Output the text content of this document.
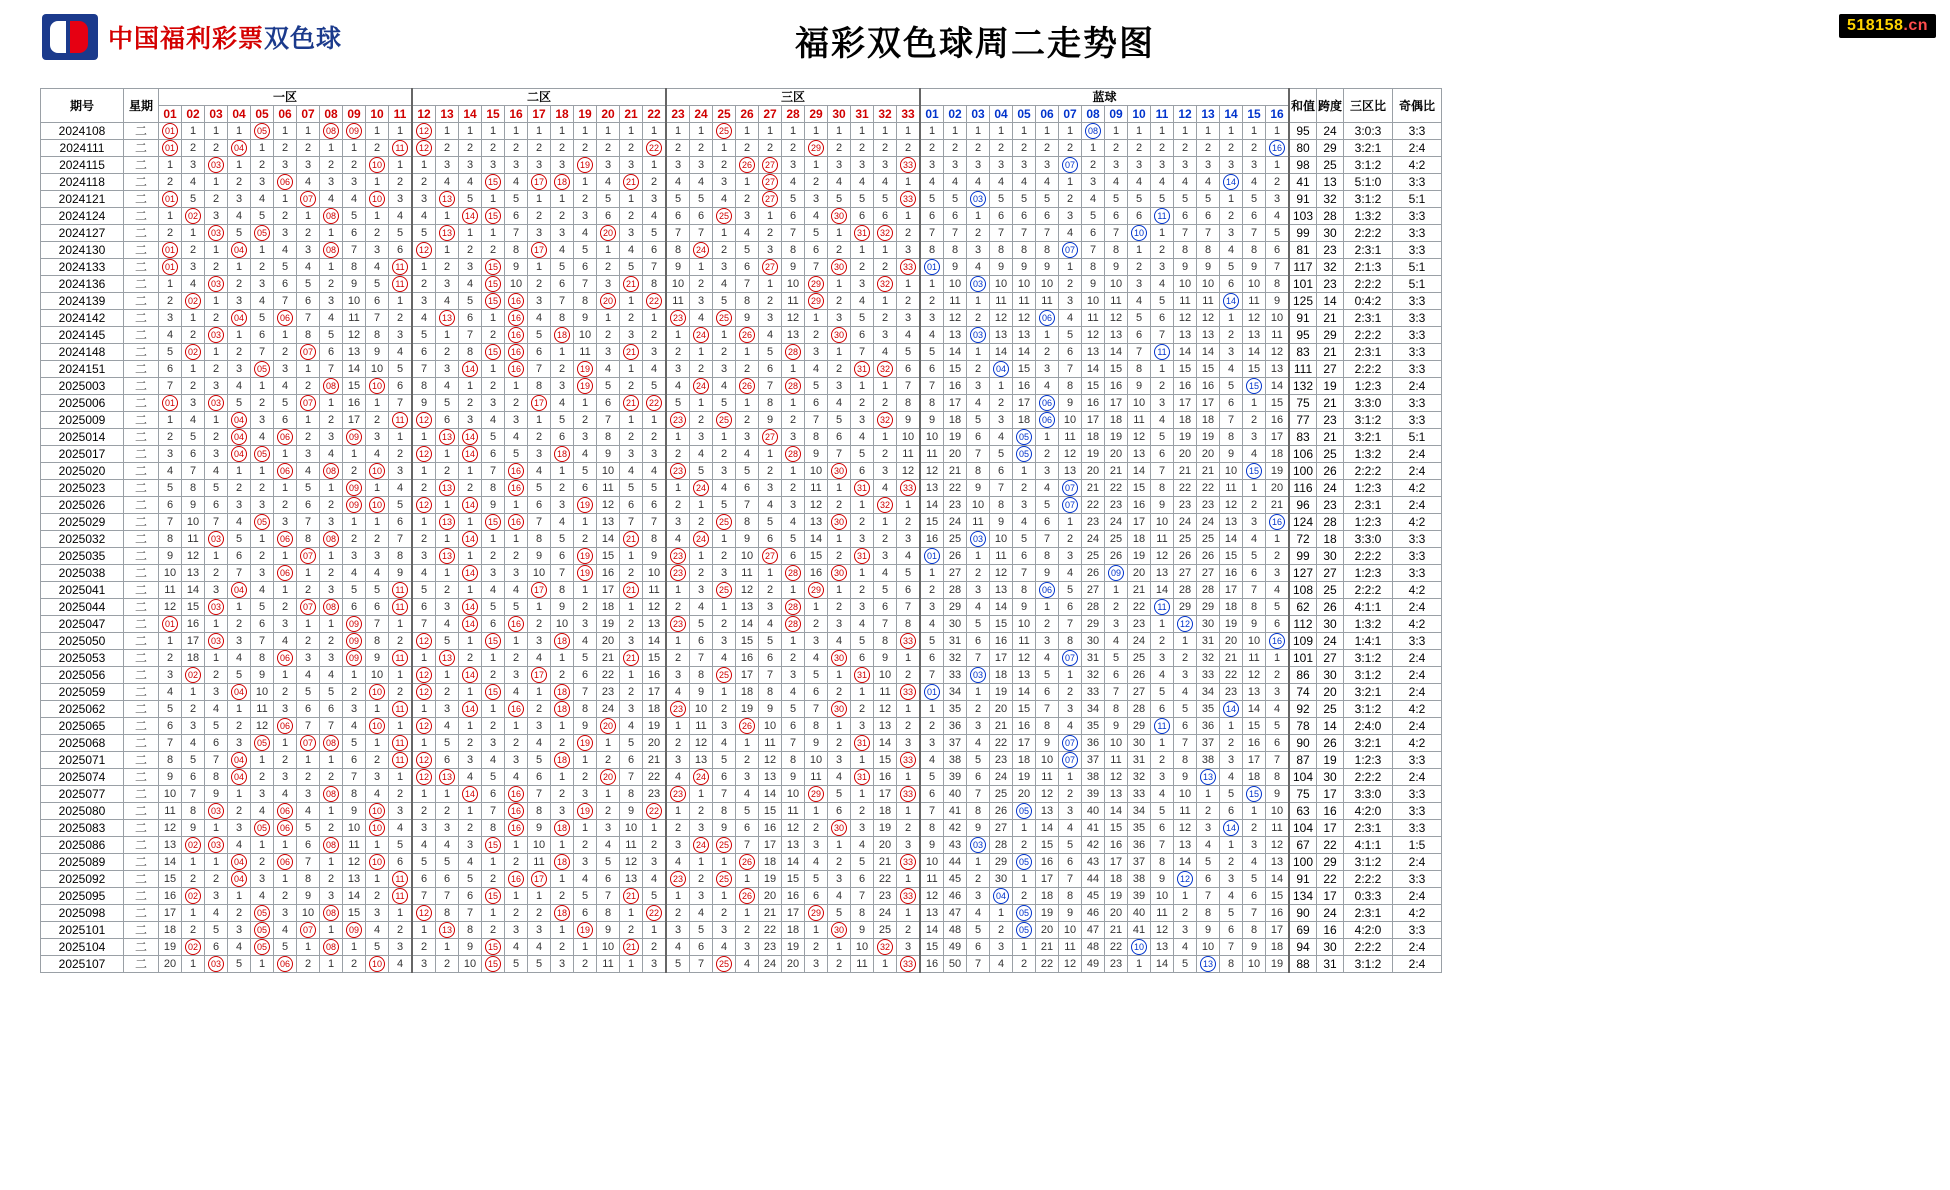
中国福利彩票双色球	福彩双色球周二走势图
518158.cn
期号	星期	一区											二区											三区											蓝球																和值	跨度	三区比	奇偶比
		01	02	03	04	05	06	07	08	09	10	11	12	13	14	15	16	17	18	19	20	21	22	23	24	25	26	27	28	29	30	31	32	33	01	02	03	04	05	06	07	08	09	10	11	12	13	14	15	16				
2024108	二	01	1	1	1	05	1	1	08	09	1	1	12	1	1	1	1	1	1	1	1	1	1	1	1	25	1	1	1	1	1	1	1	1	1	1	1	1	1	1	1	08	1	1	1	1	1	1	1	1	95	24	3:0:3	3:3
2024111	二	01	2	2	04	1	2	2	1	1	2	11	12	2	2	2	2	2	2	2	2	2	22	2	2	1	2	2	2	29	2	2	2	2	2	2	2	2	2	2	2	1	2	2	2	2	2	2	2	16	80	29	3:2:1	2:4
2024115	二	1	3	03	1	2	3	3	2	2	10	1	1	3	3	3	3	3	3	19	3	3	1	3	3	2	26	27	3	1	3	3	3	33	3	3	3	3	3	3	07	2	3	3	3	3	3	3	3	1	98	25	3:1:2	4:2
2024118	二	2	4	1	2	3	06	4	3	3	1	2	2	4	4	15	4	17	18	1	4	21	2	4	4	3	1	27	4	2	4	4	4	1	4	4	4	4	4	4	1	3	4	4	4	4	4	14	4	2	41	13	5:1:0	3:3
2024121	二	01	5	2	3	4	1	07	4	4	10	3	3	13	5	1	5	1	1	2	5	1	3	5	5	4	2	27	5	3	5	5	5	33	5	5	03	5	5	5	2	4	5	5	5	5	5	1	5	3	91	32	3:1:2	5:1
2024124	二	1	02	3	4	5	2	1	08	5	1	4	4	1	14	15	6	2	2	3	6	2	4	6	6	25	3	1	6	4	30	6	6	1	6	6	1	6	6	6	3	5	6	6	11	6	6	2	6	4	103	28	1:3:2	3:3
2024127	二	2	1	03	5	05	3	2	1	6	2	5	5	13	1	1	7	3	3	4	20	3	5	7	7	1	4	2	7	5	1	31	32	2	7	7	2	7	7	7	4	6	7	10	1	7	7	3	7	5	99	30	2:2:2	3:3
2024130	二	01	2	1	04	1	4	3	08	7	3	6	12	1	2	2	8	17	4	5	1	4	6	8	24	2	5	3	8	6	2	1	1	3	8	8	3	8	8	8	07	7	8	1	2	8	8	4	8	6	81	23	2:3:1	3:3
2024133	二	01	3	2	1	2	5	4	1	8	4	11	1	2	3	15	9	1	5	6	2	5	7	9	1	3	6	27	9	7	30	2	2	33	01	9	4	9	9	9	1	8	9	2	3	9	9	5	9	7	117	32	2:1:3	5:1
2024136	二	1	4	03	2	3	6	5	2	9	5	11	2	3	4	15	10	2	6	7	3	21	8	10	2	4	7	1	10	29	1	3	32	1	1	10	03	10	10	10	2	9	10	3	4	10	10	6	10	8	101	23	2:2:2	5:1
2024139	二	2	02	1	3	4	7	6	3	10	6	1	3	4	5	15	16	3	7	8	20	1	22	11	3	5	8	2	11	29	2	4	1	2	2	11	1	11	11	11	3	10	11	4	5	11	11	14	11	9	125	14	0:4:2	3:3
2024142	二	3	1	2	04	5	06	7	4	11	7	2	4	13	6	1	16	4	8	9	1	2	1	23	4	25	9	3	12	1	3	5	2	3	3	12	2	12	12	06	4	11	12	5	6	12	12	1	12	10	91	21	2:3:1	3:3
2024145	二	4	2	03	1	6	1	8	5	12	8	3	5	1	7	2	16	5	18	10	2	3	2	1	24	1	26	4	13	2	30	6	3	4	4	13	03	13	13	1	5	12	13	6	7	13	13	2	13	11	95	29	2:2:2	3:3
2024148	二	5	02	1	2	7	2	07	6	13	9	4	6	2	8	15	16	6	1	11	3	21	3	2	1	2	1	5	28	3	1	7	4	5	5	14	1	14	14	2	6	13	14	7	11	14	14	3	14	12	83	21	2:3:1	3:3
2024151	二	6	1	2	3	05	3	1	7	14	10	5	7	3	14	1	16	7	2	19	4	1	4	3	2	3	2	6	1	4	2	31	32	6	6	15	2	04	15	3	7	14	15	8	1	15	15	4	15	13	111	27	2:2:2	3:3
2025003	二	7	2	3	4	1	4	2	08	15	10	6	8	4	1	2	1	8	3	19	5	2	5	4	24	4	26	7	28	5	3	1	1	7	7	16	3	1	16	4	8	15	16	9	2	16	16	5	15	14	132	19	1:2:3	2:4
2025006	二	01	3	03	5	2	5	07	1	16	1	7	9	5	2	3	2	17	4	1	6	21	22	5	1	5	1	8	1	6	4	2	2	8	8	17	4	2	17	06	9	16	17	10	3	17	17	6	1	15	75	21	3:3:0	3:3
2025009	二	1	4	1	04	3	6	1	2	17	2	11	12	6	3	4	3	1	5	2	7	1	1	23	2	25	2	9	2	7	5	3	32	9	9	18	5	3	18	06	10	17	18	11	4	18	18	7	2	16	77	23	3:1:2	3:3
2025014	二	2	5	2	04	4	06	2	3	09	3	1	1	13	14	5	4	2	6	3	8	2	2	1	3	1	3	27	3	8	6	4	1	10	10	19	6	4	05	1	11	18	19	12	5	19	19	8	3	17	83	21	3:2:1	5:1
2025017	二	3	6	3	04	05	1	3	4	1	4	2	12	1	14	6	5	3	18	4	9	3	3	2	4	2	4	1	28	9	7	5	2	11	11	20	7	5	05	2	12	19	20	13	6	20	20	9	4	18	106	25	1:3:2	2:4
2025020	二	4	7	4	1	1	06	4	08	2	10	3	1	2	1	7	16	4	1	5	10	4	4	23	5	3	5	2	1	10	30	6	3	12	12	21	8	6	1	3	13	20	21	14	7	21	21	10	15	19	100	26	2:2:2	2:4
2025023	二	5	8	5	2	2	1	5	1	09	1	4	2	13	2	8	16	5	2	6	11	5	5	1	24	4	6	3	2	11	1	31	4	33	13	22	9	7	2	4	07	21	22	15	8	22	22	11	1	20	116	24	1:2:3	4:2
2025026	二	6	9	6	3	3	2	6	2	09	10	5	12	1	14	9	1	6	3	19	12	6	6	2	1	5	7	4	3	12	2	1	32	1	14	23	10	8	3	5	07	22	23	16	9	23	23	12	2	21	96	23	2:3:1	2:4
2025029	二	7	10	7	4	05	3	7	3	1	1	6	1	13	1	15	16	7	4	1	13	7	7	3	2	25	8	5	4	13	30	2	1	2	15	24	11	9	4	6	1	23	24	17	10	24	24	13	3	16	124	28	1:2:3	4:2
2025032	二	8	11	03	5	1	06	8	08	2	2	7	2	1	14	1	1	8	5	2	14	21	8	4	24	1	9	6	5	14	1	3	2	3	16	25	03	10	5	7	2	24	25	18	11	25	25	14	4	1	72	18	3:3:0	3:3
2025035	二	9	12	1	6	2	1	07	1	3	3	8	3	13	1	2	2	9	6	19	15	1	9	23	1	2	10	27	6	15	2	31	3	4	01	26	1	11	6	8	3	25	26	19	12	26	26	15	5	2	99	30	2:2:2	3:3
2025038	二	10	13	2	7	3	06	1	2	4	4	9	4	1	14	3	3	10	7	19	16	2	10	23	2	3	11	1	28	16	30	1	4	5	1	27	2	12	7	9	4	26	09	20	13	27	27	16	6	3	127	27	1:2:3	3:3
2025041	二	11	14	3	04	4	1	2	3	5	5	11	5	2	1	4	4	17	8	1	17	21	11	1	3	25	12	2	1	29	1	2	5	6	2	28	3	13	8	06	5	27	1	21	14	28	28	17	7	4	108	25	2:2:2	4:2
2025044	二	12	15	03	1	5	2	07	08	6	6	11	6	3	14	5	5	1	9	2	18	1	12	2	4	1	13	3	28	1	2	3	6	7	3	29	4	14	9	1	6	28	2	22	11	29	29	18	8	5	62	26	4:1:1	2:4
2025047	二	01	16	1	2	6	3	1	1	09	7	1	7	4	14	6	16	2	10	3	19	2	13	23	5	2	14	4	28	2	3	4	7	8	4	30	5	15	10	2	7	29	3	23	1	12	30	19	9	6	112	30	1:3:2	4:2
2025050	二	1	17	03	3	7	4	2	2	09	8	2	12	5	1	15	1	3	18	4	20	3	14	1	6	3	15	5	1	3	4	5	8	33	5	31	6	16	11	3	8	30	4	24	2	1	31	20	10	16	109	24	1:4:1	3:3
2025053	二	2	18	1	4	8	06	3	3	09	9	11	1	13	2	1	2	4	1	5	21	21	15	2	7	4	16	6	2	4	30	6	9	1	6	32	7	17	12	4	07	31	5	25	3	2	32	21	11	1	101	27	3:1:2	2:4
2025056	二	3	02	2	5	9	1	4	4	1	10	1	12	1	14	2	3	17	2	6	22	1	16	3	8	25	17	7	3	5	1	31	10	2	7	33	03	18	13	5	1	32	6	26	4	3	33	22	12	2	86	30	3:1:2	2:4
2025059	二	4	1	3	04	10	2	5	5	2	10	2	12	2	1	15	4	1	18	7	23	2	17	4	9	1	18	8	4	6	2	1	11	33	01	34	1	19	14	6	2	33	7	27	5	4	34	23	13	3	74	20	3:2:1	2:4
2025062	二	5	2	4	1	11	3	6	6	3	1	11	1	3	14	1	16	2	18	8	24	3	18	23	10	2	19	9	5	7	30	2	12	1	1	35	2	20	15	7	3	34	8	28	6	5	35	14	14	4	92	25	3:1:2	4:2
2025065	二	6	3	5	2	12	06	7	7	4	10	1	12	4	1	2	1	3	1	9	20	4	19	1	11	3	26	10	6	8	1	3	13	2	2	36	3	21	16	8	4	35	9	29	11	6	36	1	15	5	78	14	2:4:0	2:4
2025068	二	7	4	6	3	05	1	07	08	5	1	11	1	5	2	3	2	4	2	19	1	5	20	2	12	4	1	11	7	9	2	31	14	3	3	37	4	22	17	9	07	36	10	30	1	7	37	2	16	6	90	26	3:2:1	4:2
2025071	二	8	5	7	04	1	2	1	1	6	2	11	12	6	3	4	3	5	18	1	2	6	21	3	13	5	2	12	8	10	3	1	15	33	4	38	5	23	18	10	07	37	11	31	2	8	38	3	17	7	87	19	1:2:3	3:3
2025074	二	9	6	8	04	2	3	2	2	7	3	1	12	13	4	5	4	6	1	2	20	7	22	4	24	6	3	13	9	11	4	31	16	1	5	39	6	24	19	11	1	38	12	32	3	9	13	4	18	8	104	30	2:2:2	2:4
2025077	二	10	7	9	1	3	4	3	08	8	4	2	1	1	14	6	16	7	2	3	1	8	23	23	1	7	4	14	10	29	5	1	17	33	6	40	7	25	20	12	2	39	13	33	4	10	1	5	15	9	75	17	3:3:0	3:3
2025080	二	11	8	03	2	4	06	4	1	9	10	3	2	2	1	7	16	8	3	19	2	9	22	1	2	8	5	15	11	1	6	2	18	1	7	41	8	26	05	13	3	40	14	34	5	11	2	6	1	10	63	16	4:2:0	3:3
2025083	二	12	9	1	3	05	06	5	2	10	10	4	3	3	2	8	16	9	18	1	3	10	1	2	3	9	6	16	12	2	30	3	19	2	8	42	9	27	1	14	4	41	15	35	6	12	3	14	2	11	104	17	2:3:1	3:3
2025086	二	13	02	03	4	1	1	6	08	11	1	5	4	4	3	15	1	10	1	2	4	11	2	3	24	25	7	17	13	3	1	4	20	3	9	43	03	28	2	15	5	42	16	36	7	13	4	1	3	12	67	22	4:1:1	1:5
2025089	二	14	1	1	04	2	06	7	1	12	10	6	5	5	4	1	2	11	18	3	5	12	3	4	1	1	26	18	14	4	2	5	21	33	10	44	1	29	05	16	6	43	17	37	8	14	5	2	4	13	100	29	3:1:2	2:4
2025092	二	15	2	2	04	3	1	8	2	13	1	11	6	6	5	2	16	17	1	4	6	13	4	23	2	25	1	19	15	5	3	6	22	1	11	45	2	30	1	17	7	44	18	38	9	12	6	3	5	14	91	22	2:2:2	3:3
2025095	二	16	02	3	1	4	2	9	3	14	2	11	7	7	6	15	1	1	2	5	7	21	5	1	3	1	26	20	16	6	4	7	23	33	12	46	3	04	2	18	8	45	19	39	10	1	7	4	6	15	134	17	0:3:3	2:4
2025098	二	17	1	4	2	05	3	10	08	15	3	1	12	8	7	1	2	2	18	6	8	1	22	2	4	2	1	21	17	29	5	8	24	1	13	47	4	1	05	19	9	46	20	40	11	2	8	5	7	16	90	24	2:3:1	4:2
2025101	二	18	2	5	3	05	4	07	1	09	4	2	1	13	8	2	3	3	1	19	9	2	1	3	5	3	2	22	18	1	30	9	25	2	14	48	5	2	05	20	10	47	21	41	12	3	9	6	8	17	69	16	4:2:0	3:3
2025104	二	19	02	6	4	05	5	1	08	1	5	3	2	1	9	15	4	4	2	1	10	21	2	4	6	4	3	23	19	2	1	10	32	3	15	49	6	3	1	21	11	48	22	10	13	4	10	7	9	18	94	30	2:2:2	2:4
2025107	二	20	1	03	5	1	06	2	1	2	10	4	3	2	10	15	5	5	3	2	11	1	3	5	7	25	4	24	20	3	2	11	1	33	16	50	7	4	2	22	12	49	23	1	14	5	13	8	10	19	88	31	3:1:2	2:4
